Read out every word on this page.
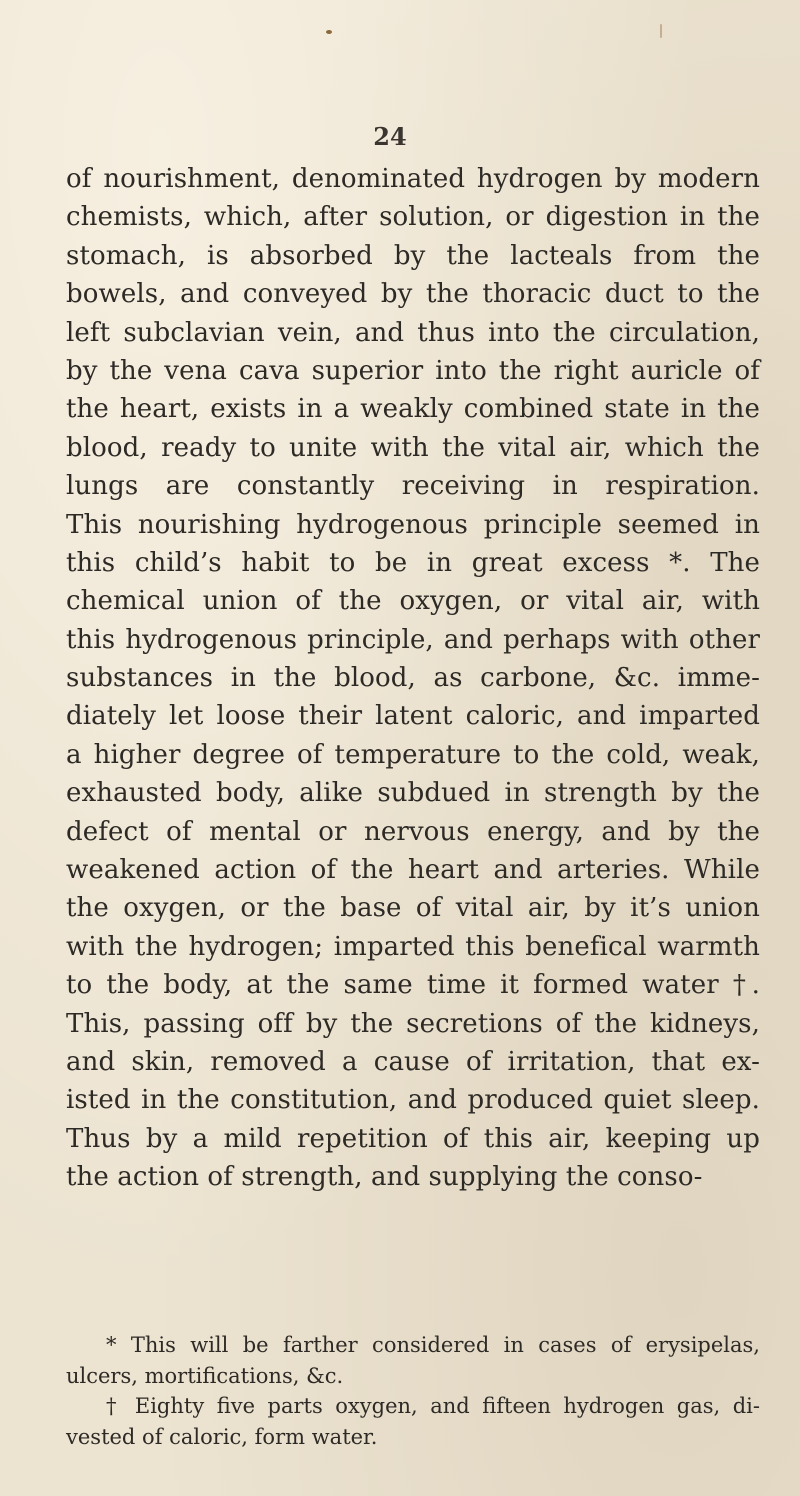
24
of nourishment, denominated hydrogen by modern
chemists, which, after solution, or digestion in the
stomach, is absorbed by the lacteals from the
bowels, and conveyed by the thoracic duct to the
left subclavian vein, and thus into the circulation,
by the vena cava superior into the right auricle of
the heart, exists in a weakly combined state in the
blood, ready to unite with the vital air, which the
lungs are constantly receiving in respiration.
This nourishing hydrogenous principle seemed in
this child’s habit to be in great excess *. The
chemical union of the oxygen, or vital air, with
this hydrogenous principle, and perhaps with other
substances in the blood, as carbone, &c. imme-
diately let loose their latent caloric, and imparted
a higher degree of temperature to the cold, weak,
exhausted body, alike subdued in strength by the
defect of mental or nervous energy, and by the
weakened action of the heart and arteries. While
the oxygen, or the base of vital air, by it’s union
with the hydrogen; imparted this benefical warmth
to the body, at the same time it formed water †.
This, passing off by the secretions of the kidneys,
and skin, removed a cause of irritation, that ex-
isted in the constitution, and produced quiet sleep.
Thus by a mild repetition of this air, keeping up
the action of strength, and supplying the conso-
* This will be farther considered in cases of erysipelas,
ulcers, mortifications, &c.
† Eighty five parts oxygen, and fifteen hydrogen gas, di-
vested of caloric, form water.
